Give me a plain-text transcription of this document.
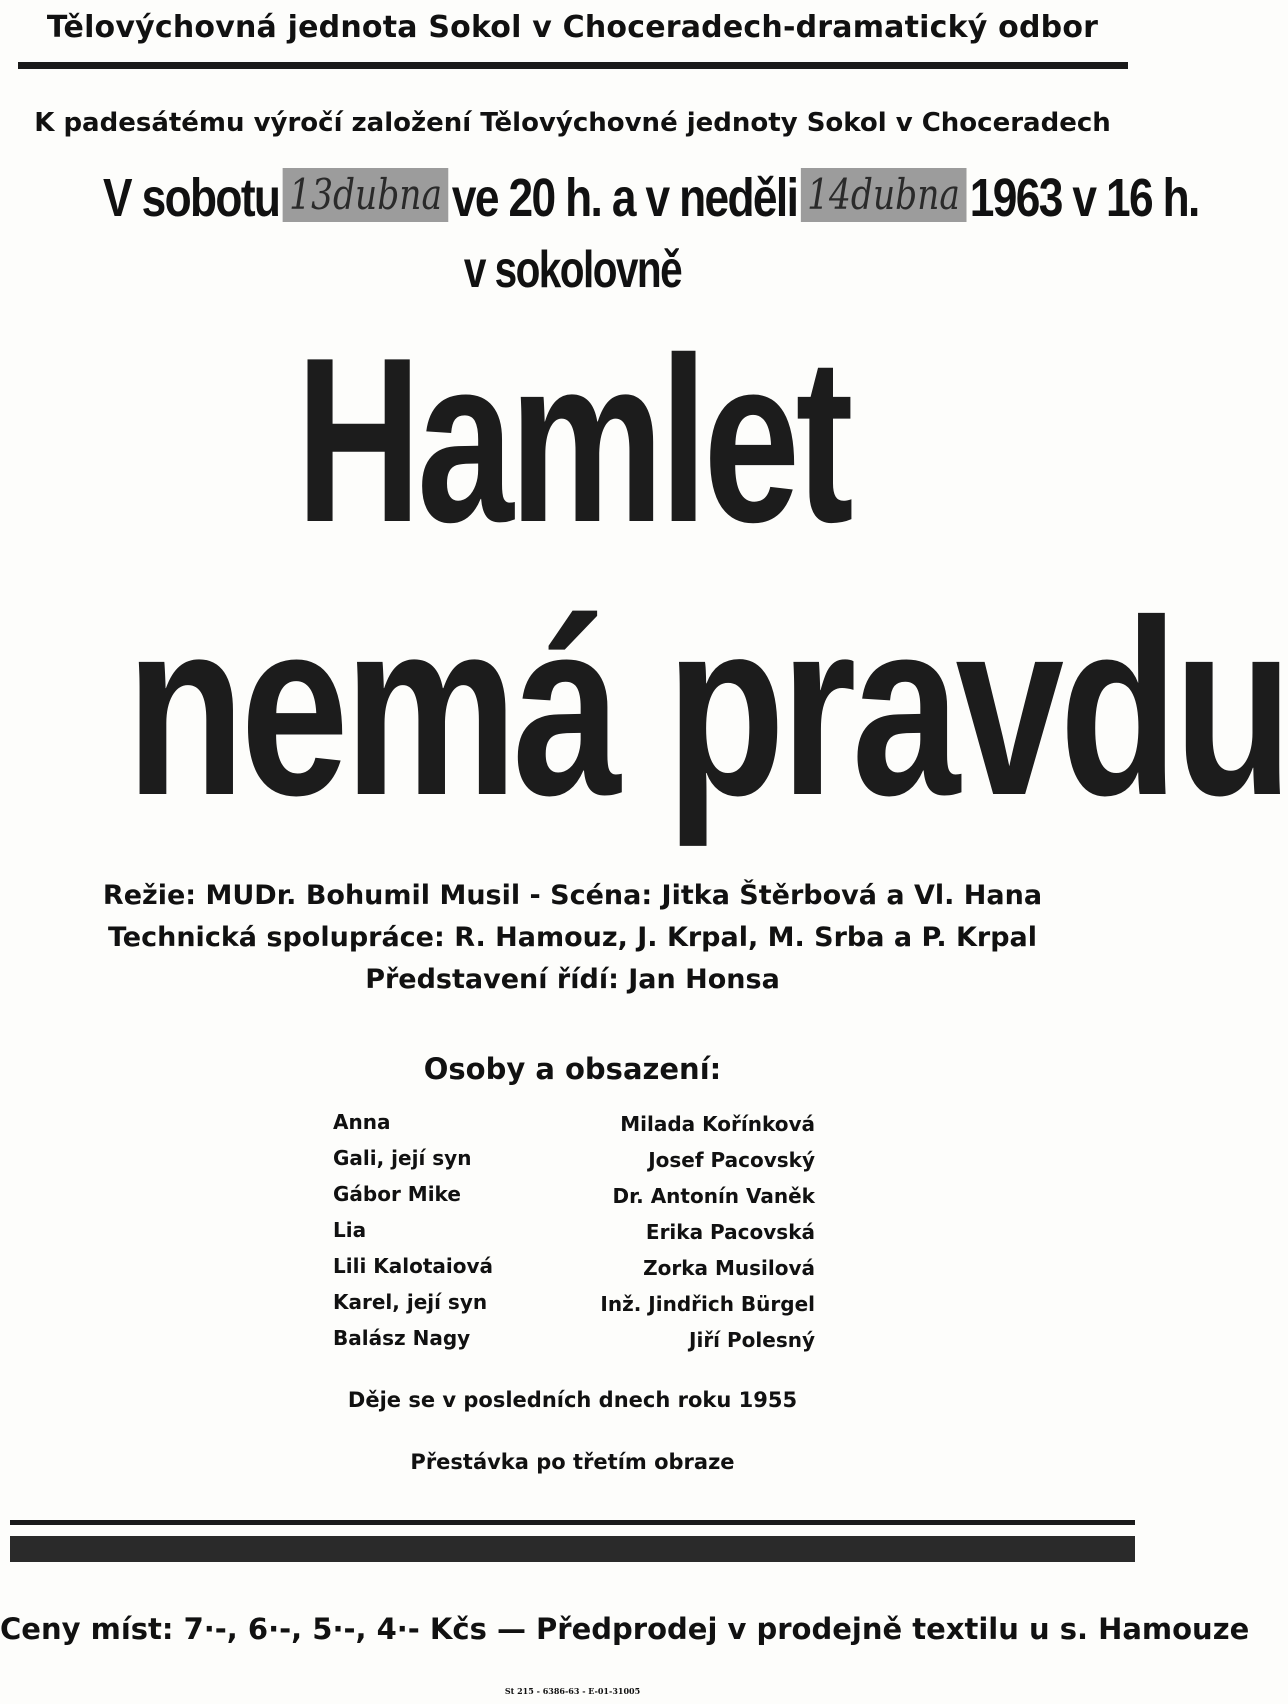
Tělovýchovná jednota Sokol v Choceradech-dramatický odbor
K padesátému výročí založení Tělovýchovné jednoty Sokol v Choceradech
V sobotu 13dubna ve 20 h. a v neděli 14dubna 1963 v 16 h.
v sokolovně
Hamlet
nemá pravdu
Režie: MUDr. Bohumil Musil - Scéna: Jitka Štěrbová a Vl. Hana
Technická spolupráce: R. Hamouz, J. Krpal, M. Srba a P. Krpal
Představení řídí: Jan Honsa
Osoby a obsazení:
Anna	Milada Kořínková
Gali, její syn	Josef Pacovský
Gábor Mike	Dr. Antonín Vaněk
Lia	Erika Pacovská
Lili Kalotaiová	Zorka Musilová
Karel, její syn	Inž. Jindřich Bürgel
Balász Nagy	Jiří Polesný
Děje se v posledních dnech roku 1955
Přestávka po třetím obraze
Ceny míst: 7·-, 6·-, 5·-, 4·- Kčs — Předprodej v prodejně textilu u s. Hamouze
St 215 - 6386-63 - E-01-31005
